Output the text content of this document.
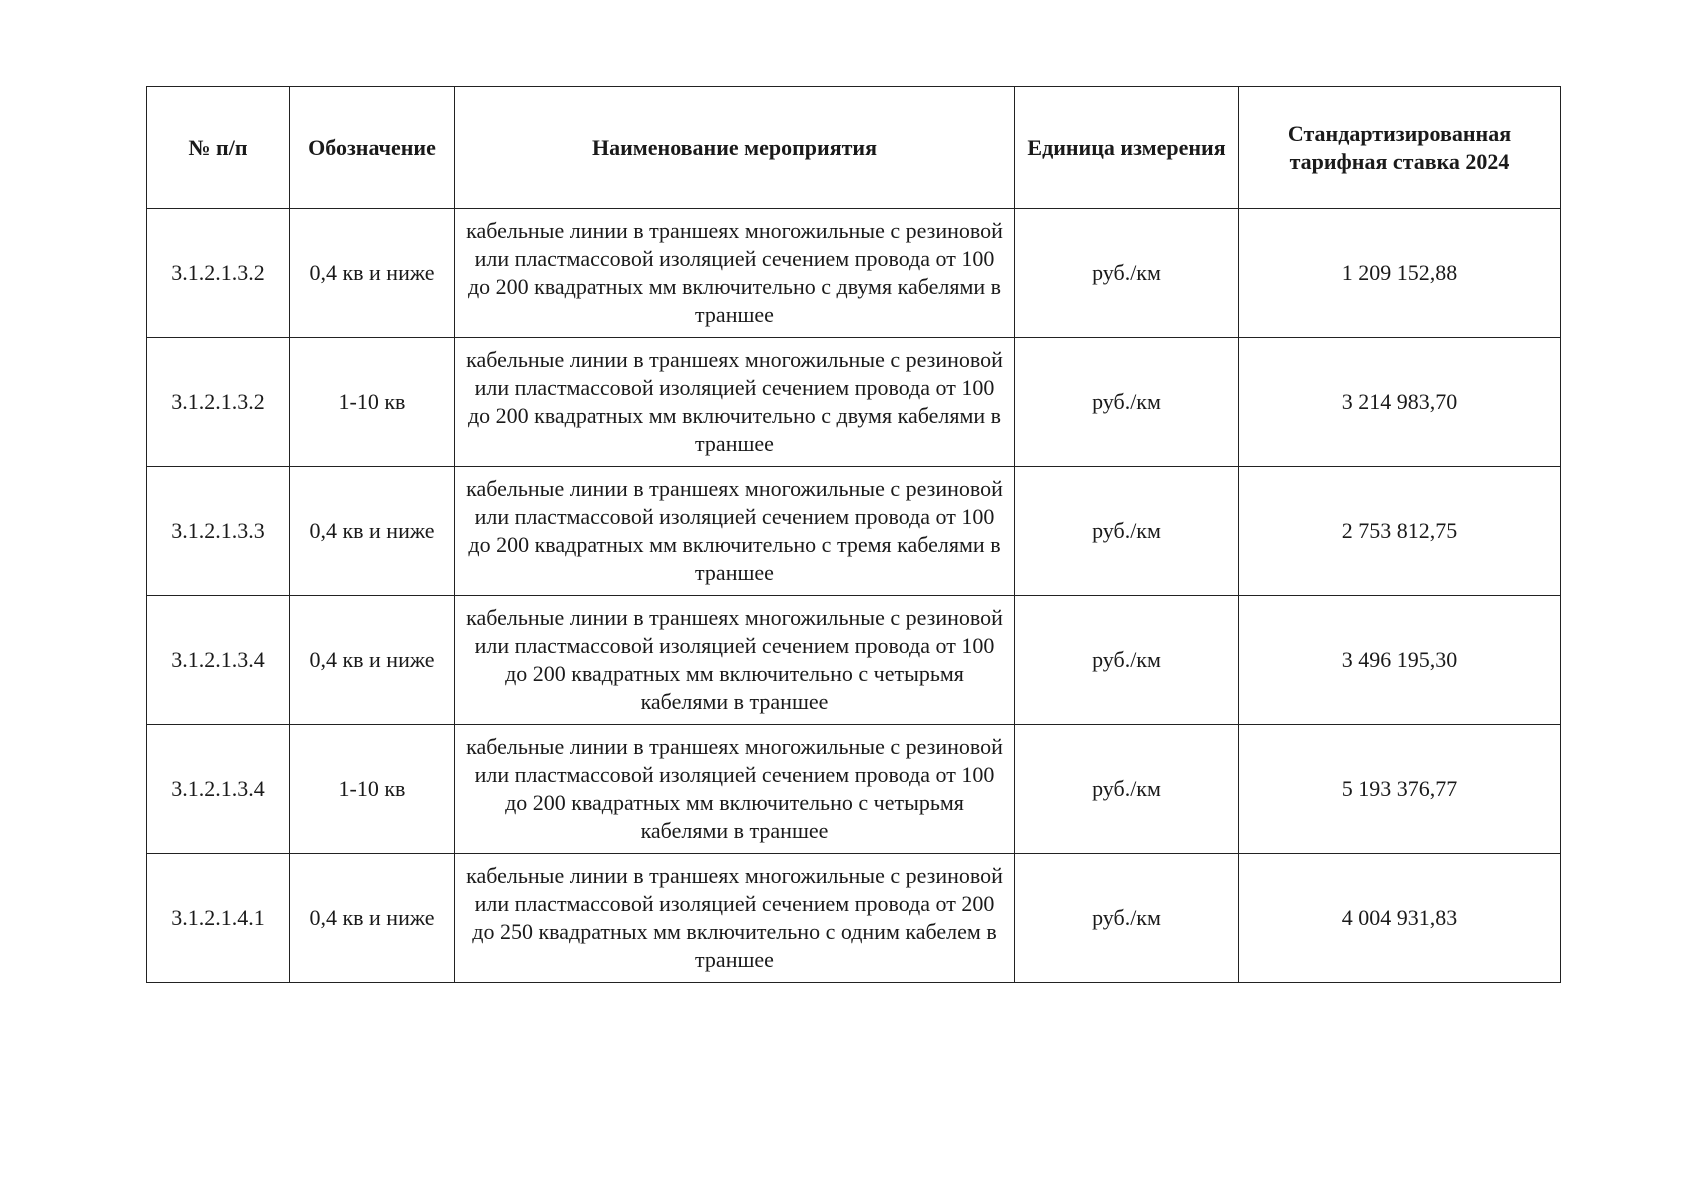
№ п/п	Обозначение	Наименование мероприятия	Единица измерения	Стандартизированная тарифная ставка 2024
3.1.2.1.3.2	0,4 кв и ниже	кабельные линии в траншеях многожильные с резиновой или пластмассовой изоляцией сечением провода от 100 до 200 квадратных мм включительно с двумя кабелями в траншее	руб./км	1 209 152,88
3.1.2.1.3.2	1-10 кв	кабельные линии в траншеях многожильные с резиновой или пластмассовой изоляцией сечением провода от 100 до 200 квадратных мм включительно с двумя кабелями в траншее	руб./км	3 214 983,70
3.1.2.1.3.3	0,4 кв и ниже	кабельные линии в траншеях многожильные с резиновой или пластмассовой изоляцией сечением провода от 100 до 200 квадратных мм включительно с тремя кабелями в траншее	руб./км	2 753 812,75
3.1.2.1.3.4	0,4 кв и ниже	кабельные линии в траншеях многожильные с резиновой или пластмассовой изоляцией сечением провода от 100 до 200 квадратных мм включительно с четырьмя кабелями в траншее	руб./км	3 496 195,30
3.1.2.1.3.4	1-10 кв	кабельные линии в траншеях многожильные с резиновой или пластмассовой изоляцией сечением провода от 100 до 200 квадратных мм включительно с четырьмя кабелями в траншее	руб./км	5 193 376,77
3.1.2.1.4.1	0,4 кв и ниже	кабельные линии в траншеях многожильные с резиновой или пластмассовой изоляцией сечением провода от 200 до 250 квадратных мм включительно с одним кабелем в траншее	руб./км	4 004 931,83
